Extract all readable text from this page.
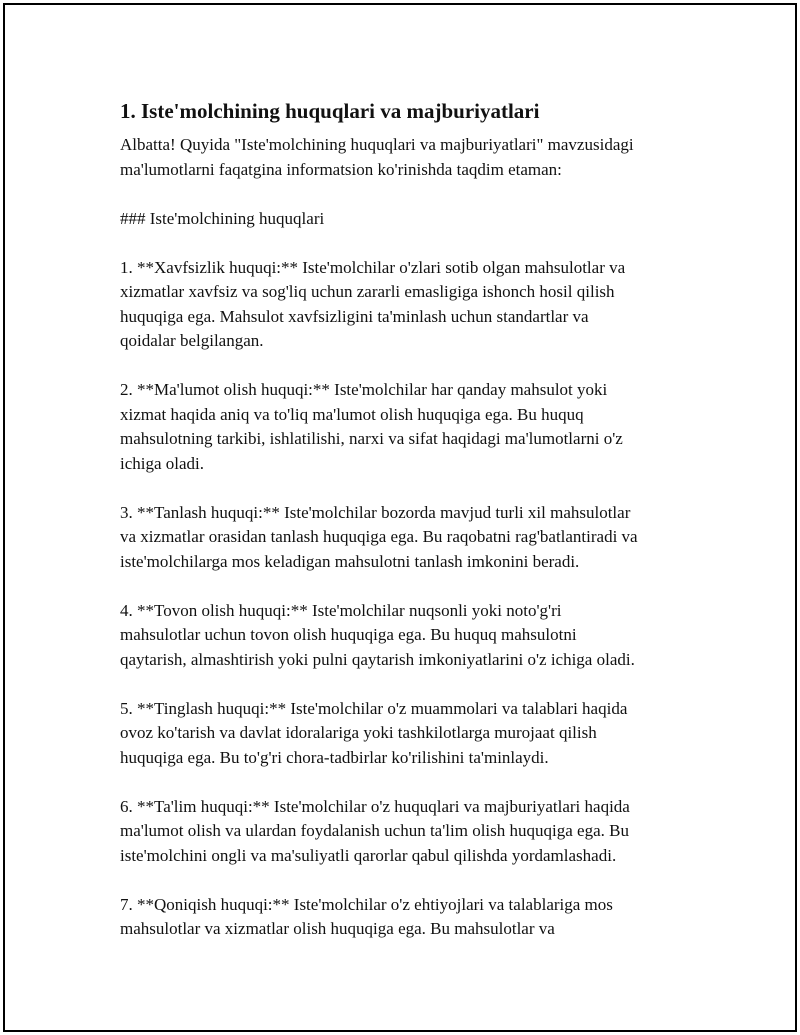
1. Iste'molchining huquqlari va majburiyatlari

Albatta! Quyida "Iste'molchining huquqlari va majburiyatlari" mavzusidagi
ma'lumotlarni faqatgina informatsion ko'rinishda taqdim etaman:

### Iste'molchining huquqlari

1. **Xavfsizlik huquqi:** Iste'molchilar o'zlari sotib olgan mahsulotlar va
xizmatlar xavfsiz va sog'liq uchun zararli emasligiga ishonch hosil qilish
huquqiga ega. Mahsulot xavfsizligini ta'minlash uchun standartlar va
qoidalar belgilangan.

2. **Ma'lumot olish huquqi:** Iste'molchilar har qanday mahsulot yoki
xizmat haqida aniq va to'liq ma'lumot olish huquqiga ega. Bu huquq
mahsulotning tarkibi, ishlatilishi, narxi va sifat haqidagi ma'lumotlarni o'z
ichiga oladi.

3. **Tanlash huquqi:** Iste'molchilar bozorda mavjud turli xil mahsulotlar
va xizmatlar orasidan tanlash huquqiga ega. Bu raqobatni rag'batlantiradi va
iste'molchilarga mos keladigan mahsulotni tanlash imkonini beradi.

4. **Tovon olish huquqi:** Iste'molchilar nuqsonli yoki noto'g'ri
mahsulotlar uchun tovon olish huquqiga ega. Bu huquq mahsulotni
qaytarish, almashtirish yoki pulni qaytarish imkoniyatlarini o'z ichiga oladi.

5. **Tinglash huquqi:** Iste'molchilar o'z muammolari va talablari haqida
ovoz ko'tarish va davlat idoralariga yoki tashkilotlarga murojaat qilish
huquqiga ega. Bu to'g'ri chora-tadbirlar ko'rilishini ta'minlaydi.

6. **Ta'lim huquqi:** Iste'molchilar o'z huquqlari va majburiyatlari haqida
ma'lumot olish va ulardan foydalanish uchun ta'lim olish huquqiga ega. Bu
iste'molchini ongli va ma'suliyatli qarorlar qabul qilishda yordamlashadi.

7. **Qoniqish huquqi:** Iste'molchilar o'z ehtiyojlari va talablariga mos
mahsulotlar va xizmatlar olish huquqiga ega. Bu mahsulotlar va
